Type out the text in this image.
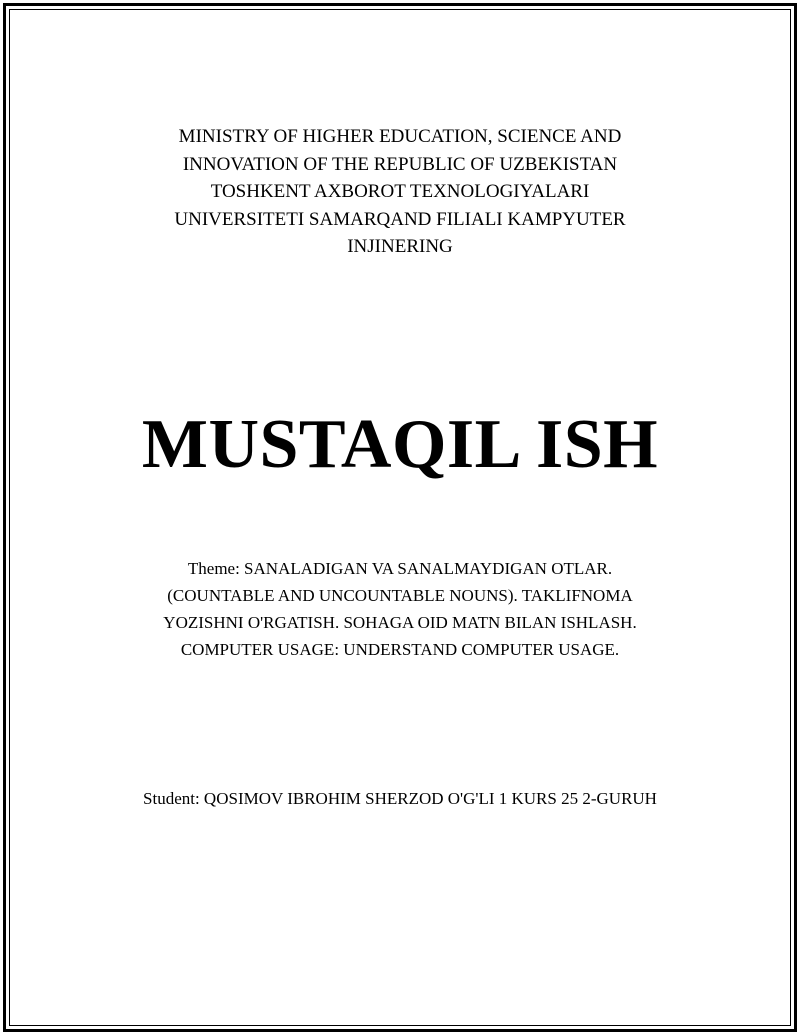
MINISTRY OF HIGHER EDUCATION, SCIENCE AND
INNOVATION OF THE REPUBLIC OF UZBEKISTAN
TOSHKENT AXBOROT TEXNOLOGIYALARI
UNIVERSITETI SAMARQAND FILIALI KAMPYUTER
INJINERING
MUSTAQIL ISH
Theme: SANALADIGAN VA SANALMAYDIGAN OTLAR.
(COUNTABLE AND UNCOUNTABLE NOUNS). TAKLIFNOMA
YOZISHNI O'RGATISH. SOHAGA OID MATN BILAN ISHLASH.
COMPUTER USAGE: UNDERSTAND COMPUTER USAGE.
Student: QOSIMOV IBROHIM SHERZOD O'G'LI 1 KURS 25 2-GURUH
